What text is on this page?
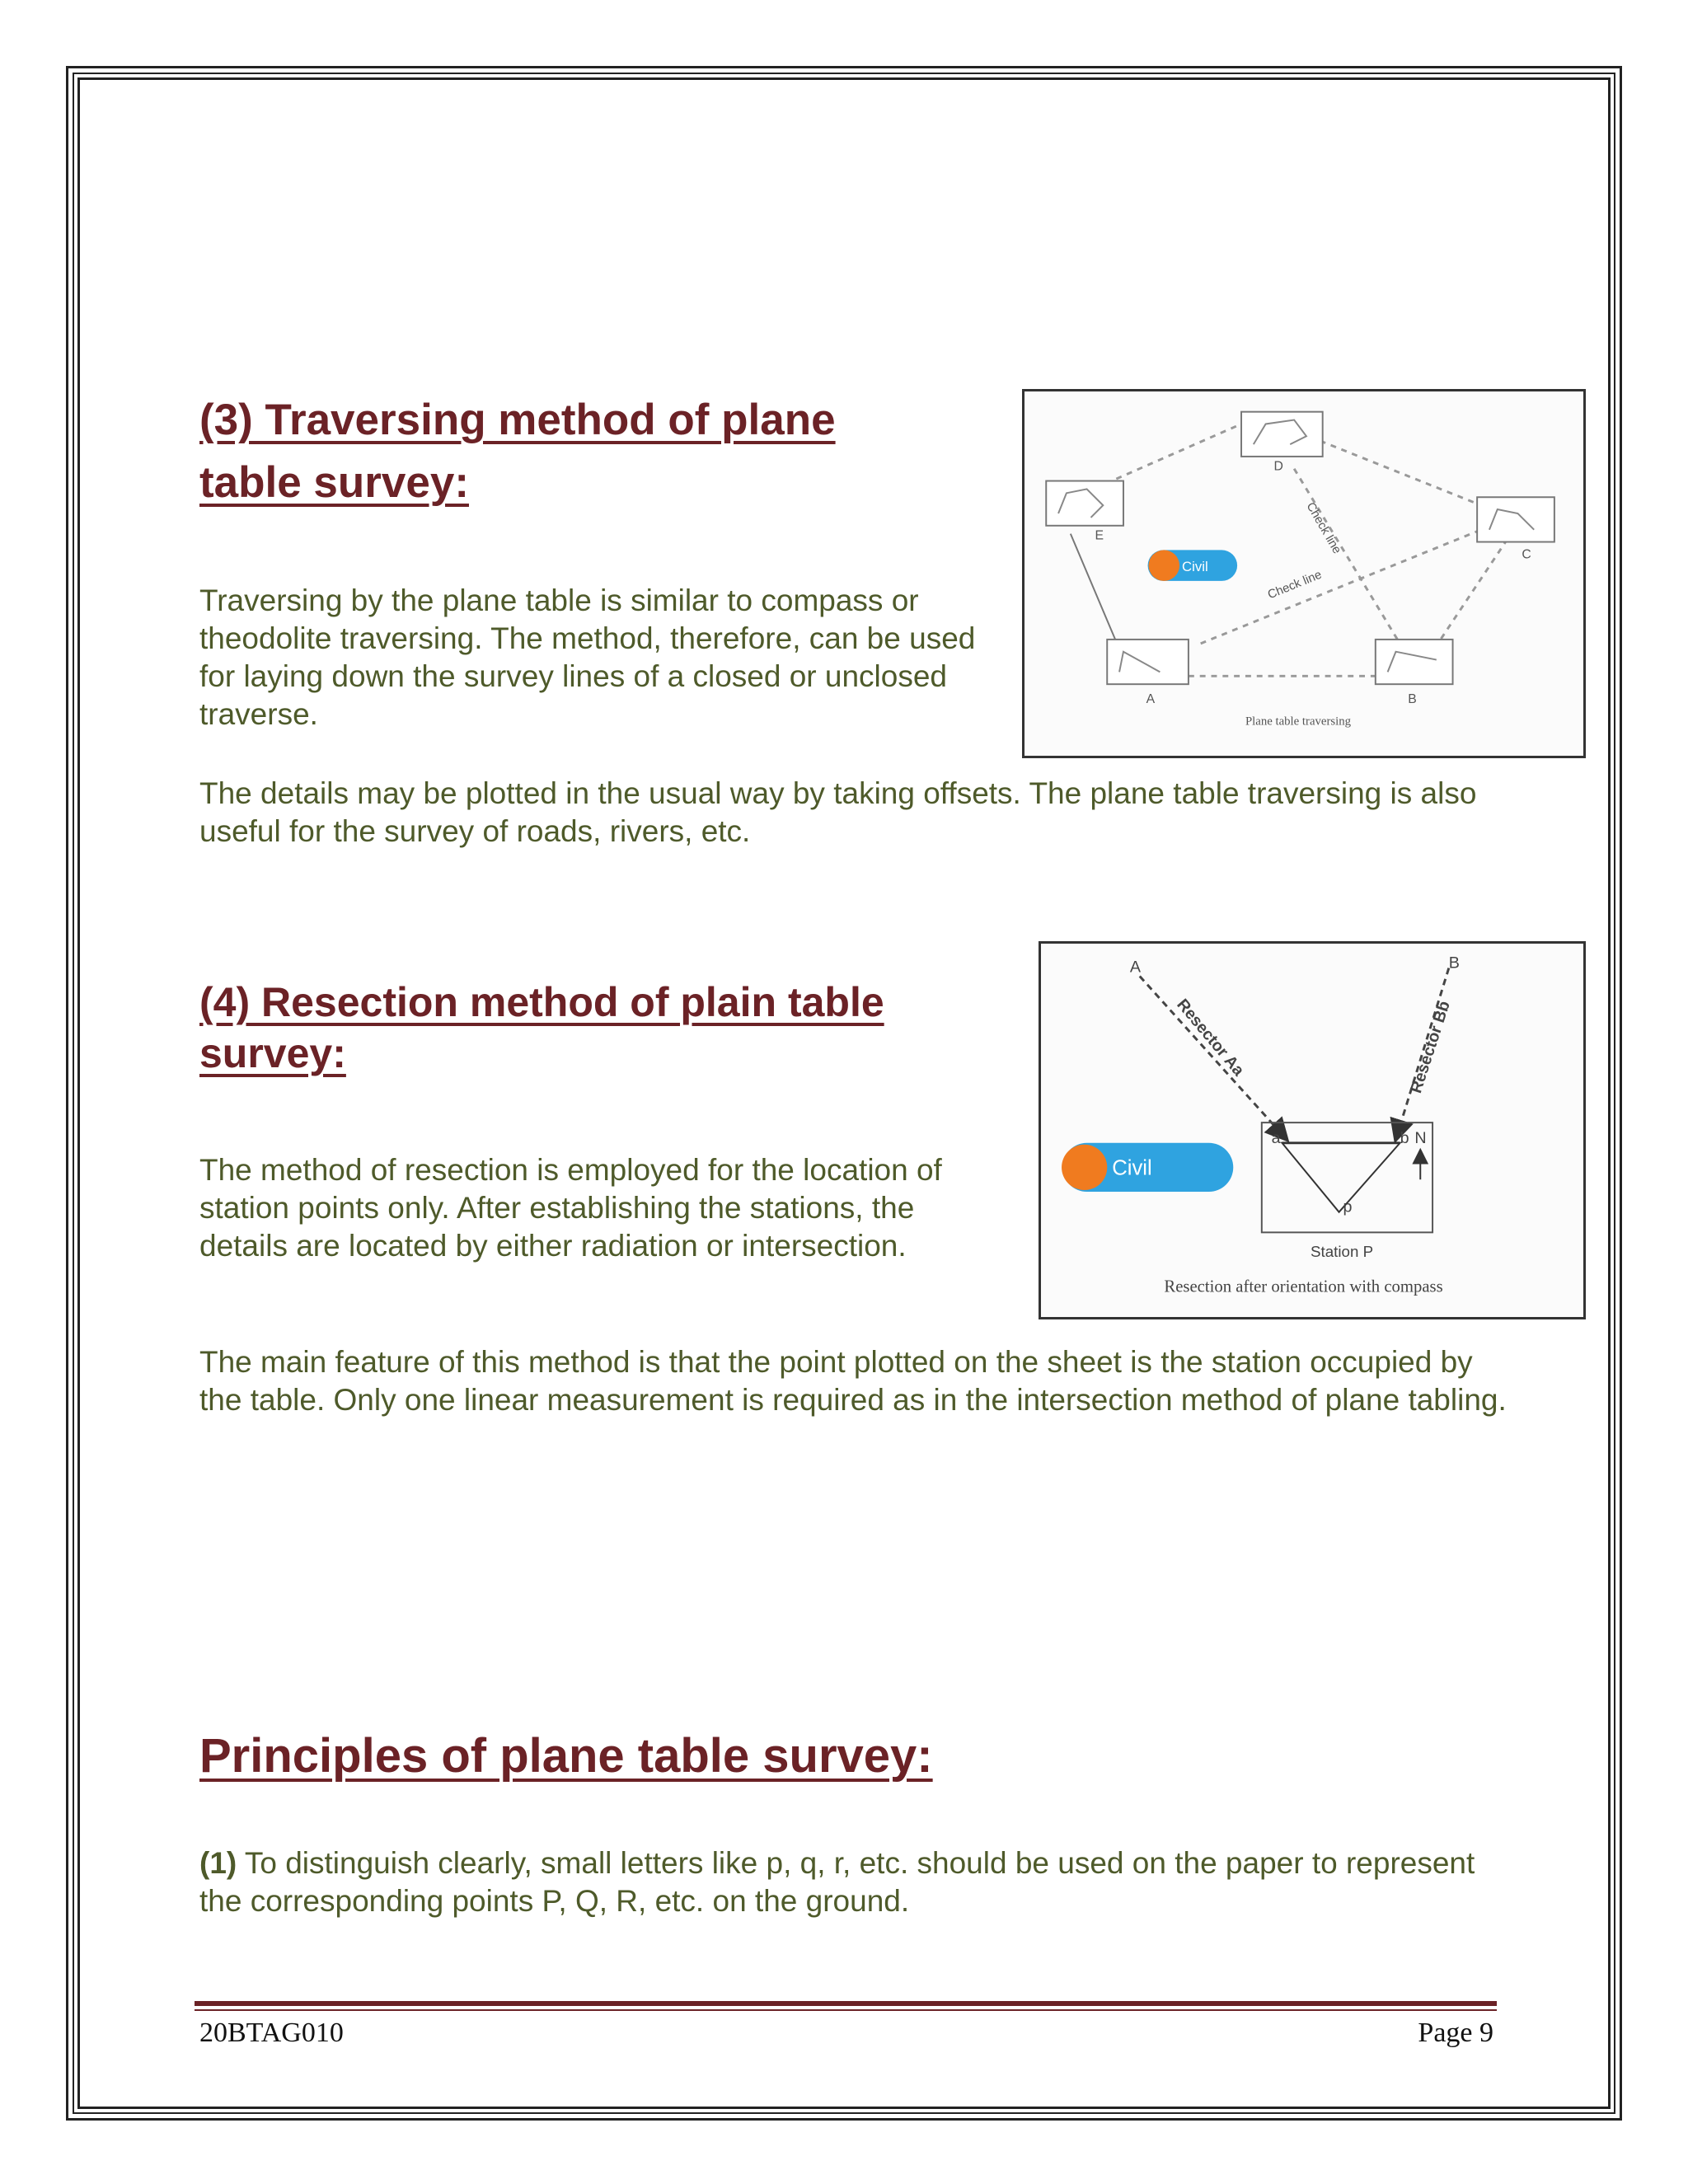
(3) Traversing method of plane
table survey:

Traversing by the plane table is similar to compass or theodolite traversing. The method, therefore, can be used for laying down the survey lines of a closed or unclosed traverse.

The details may be plotted in the usual way by taking offsets. The plane table traversing is also useful for the survey of roads, rivers, etc.

A	B
C
D
E
Check line
Check line
Civil
Plane table traversing
(4) Resection method of plain table
survey:

The method of resection is employed for the location of station points only. After establishing the stations, the details are located by either radiation or intersection.

The main feature of this method is that the point plotted on the sheet is the station occupied by the table. Only one linear measurement is required as in the intersection method of plane tabling.

A	B
a	b
p
N
Resector Aa	Resector Bb
Station P
Civil
Resection after orientation with compass
Principles of plane table survey:

(1) To distinguish clearly, small letters like p, q, r, etc. should be used on the paper to represent the corresponding points P, Q, R, etc. on the ground.

20BTAG010	Page 9
